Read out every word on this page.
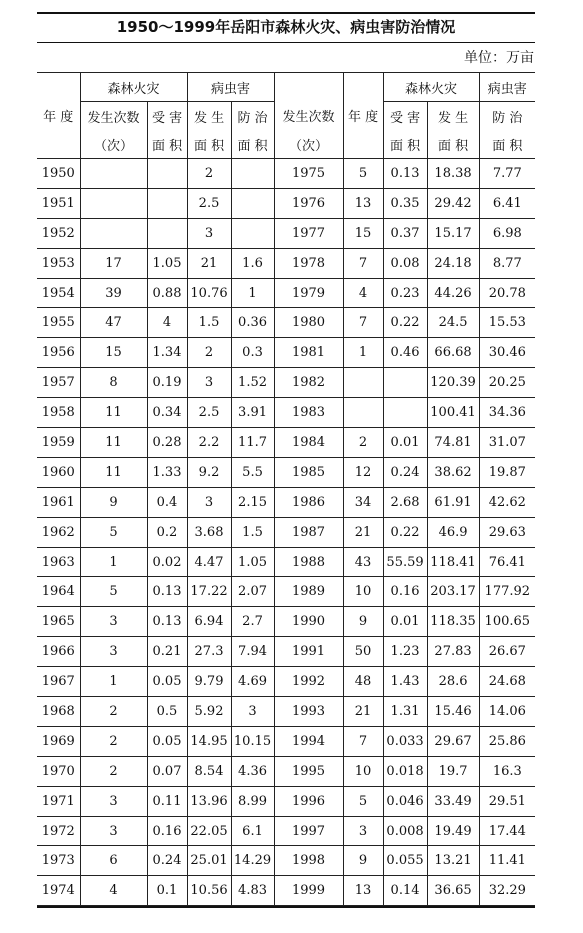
1950～1999年岳阳市森林火灾、病虫害防治情况
单位：万亩
	森林火灾		病虫害				森林火灾		病虫害
年 度	发生次数	受 害	发 生	防 治	发生次数	年 度	受 害	发 生	防 治
	（次）	面 积	面 积	面 积	（次）		面 积	面 积	面 积
1950			2		1975	5	0.13	18.38	7.77
1951			2.5		1976	13	0.35	29.42	6.41
1952			3		1977	15	0.37	15.17	6.98
1953	17	1.05	21	1.6	1978	7	0.08	24.18	8.77
1954	39	0.88	10.76	1	1979	4	0.23	44.26	20.78
1955	47	4	1.5	0.36	1980	7	0.22	24.5	15.53
1956	15	1.34	2	0.3	1981	1	0.46	66.68	30.46
1957	8	0.19	3	1.52	1982			120.39	20.25
1958	11	0.34	2.5	3.91	1983			100.41	34.36
1959	11	0.28	2.2	11.7	1984	2	0.01	74.81	31.07
1960	11	1.33	9.2	5.5	1985	12	0.24	38.62	19.87
1961	9	0.4	3	2.15	1986	34	2.68	61.91	42.62
1962	5	0.2	3.68	1.5	1987	21	0.22	46.9	29.63
1963	1	0.02	4.47	1.05	1988	43	55.59	118.41	76.41
1964	5	0.13	17.22	2.07	1989	10	0.16	203.17	177.92
1965	3	0.13	6.94	2.7	1990	9	0.01	118.35	100.65
1966	3	0.21	27.3	7.94	1991	50	1.23	27.83	26.67
1967	1	0.05	9.79	4.69	1992	48	1.43	28.6	24.68
1968	2	0.5	5.92	3	1993	21	1.31	15.46	14.06
1969	2	0.05	14.95	10.15	1994	7	0.033	29.67	25.86
1970	2	0.07	8.54	4.36	1995	10	0.018	19.7	16.3
1971	3	0.11	13.96	8.99	1996	5	0.046	33.49	29.51
1972	3	0.16	22.05	6.1	1997	3	0.008	19.49	17.44
1973	6	0.24	25.01	14.29	1998	9	0.055	13.21	11.41
1974	4	0.1	10.56	4.83	1999	13	0.14	36.65	32.29
